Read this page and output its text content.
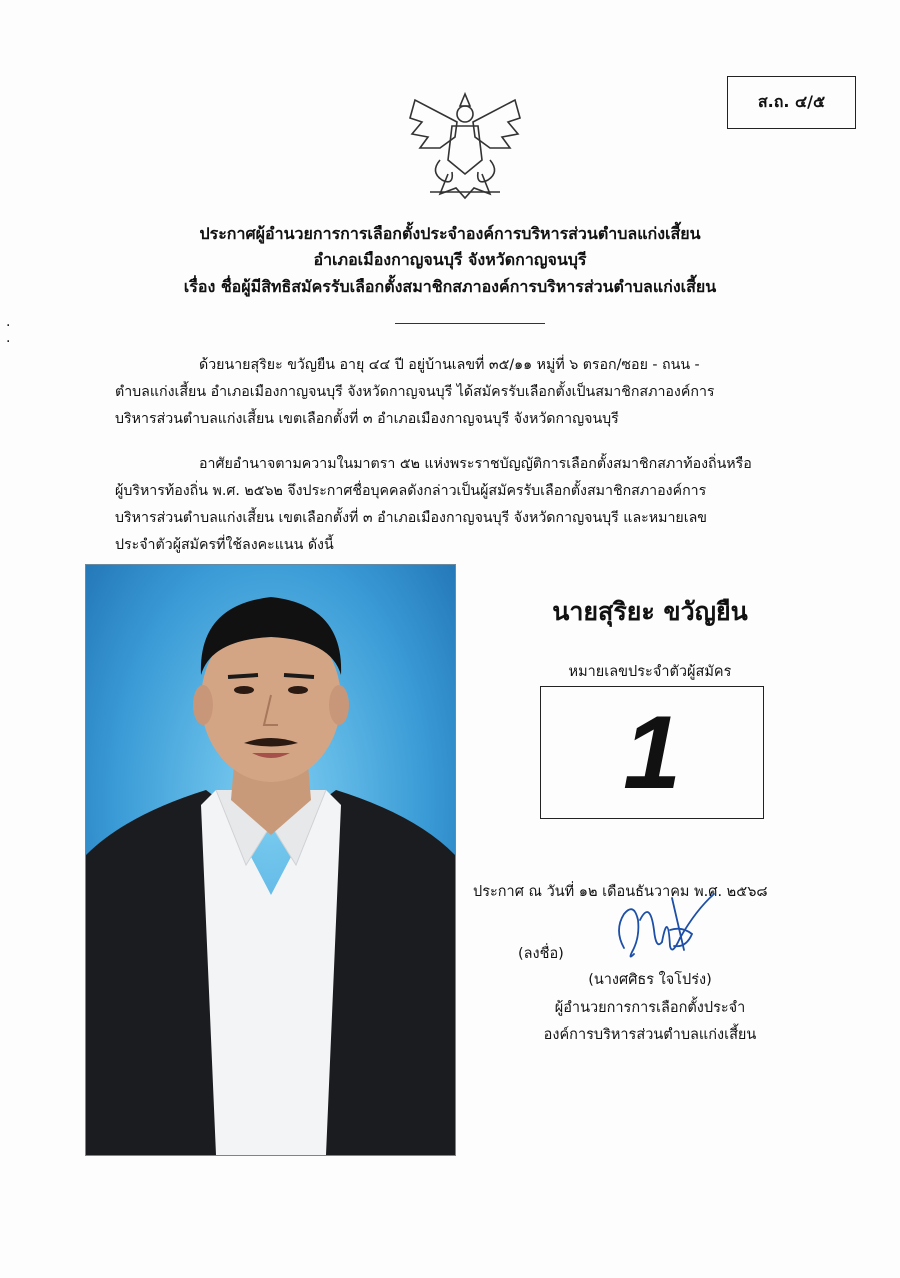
ส.ถ. ๔/๕
ประกาศผู้อำนวยการการเลือกตั้งประจำองค์การบริหารส่วนตำบลแก่งเสี้ยน
อำเภอเมืองกาญจนบุรี จังหวัดกาญจนบุรี
เรื่อง ชื่อผู้มีสิทธิสมัครรับเลือกตั้งสมาชิกสภาองค์การบริหารส่วนตำบลแก่งเสี้ยน
·
·
ด้วยนายสุริยะ ขวัญยืน อายุ ๔๔ ปี อยู่บ้านเลขที่ ๓๕/๑๑ หมู่ที่ ๖ ตรอก/ซอย - ถนน -
ตำบลแก่งเสี้ยน อำเภอเมืองกาญจนบุรี จังหวัดกาญจนบุรี ได้สมัครรับเลือกตั้งเป็นสมาชิกสภาองค์การ
บริหารส่วนตำบลแก่งเสี้ยน เขตเลือกตั้งที่ ๓ อำเภอเมืองกาญจนบุรี จังหวัดกาญจนบุรี
อาศัยอำนาจตามความในมาตรา ๕๒ แห่งพระราชบัญญัติการเลือกตั้งสมาชิกสภาท้องถิ่นหรือ
ผู้บริหารท้องถิ่น พ.ศ. ๒๕๖๒ จึงประกาศชื่อบุคคลดังกล่าวเป็นผู้สมัครรับเลือกตั้งสมาชิกสภาองค์การ
บริหารส่วนตำบลแก่งเสี้ยน เขตเลือกตั้งที่ ๓ อำเภอเมืองกาญจนบุรี จังหวัดกาญจนบุรี และหมายเลข
ประจำตัวผู้สมัครที่ใช้ลงคะแนน ดังนี้
นายสุริยะ ขวัญยืน
หมายเลขประจำตัวผู้สมัคร
1
ประกาศ ณ วันที่ ๑๒ เดือนธันวาคม พ.ศ. ๒๕๖๘
(ลงชื่อ)
(นางศศิธร ใจโปร่ง)
ผู้อำนวยการการเลือกตั้งประจำ
องค์การบริหารส่วนตำบลแก่งเสี้ยน
